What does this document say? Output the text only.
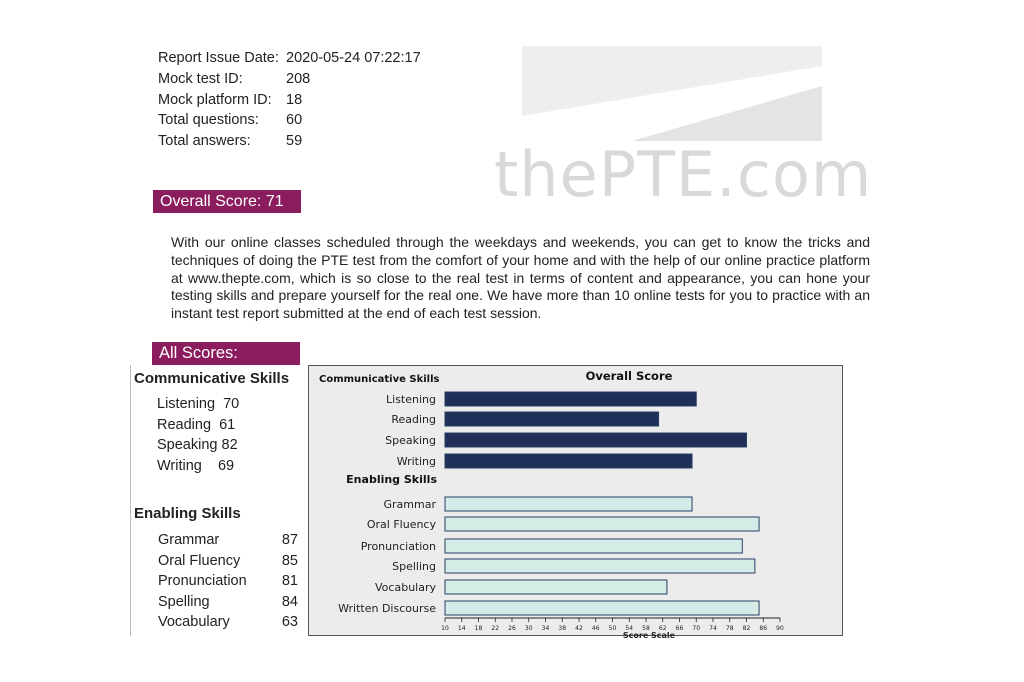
thePTE.com
Report Issue Date: 2020-05-24 07:22:17
Mock test ID:	208
Mock platform ID: 18
Total questions:	60
Total answers:	59
Overall Score: 71
With our online classes scheduled through the weekdays and weekends, you can get to know the tricks and techniques of doing the PTE test from the comfort of your home and with the help of our online practice platform at www.thepte.com, which is so close to the real test in terms of content and appearance, you can hone your testing skills and prepare yourself for the real one. We have more than 10 online tests for you to practice with an instant test report submitted at the end of each test session.
All Scores:
Communicative Skills
Listening 70
Reading 61
Speaking 82
Writing 69
Enabling Skills
Grammar	87
Oral Fluency	85
Pronunciation 81
Spelling	84
Vocabulary	63
Overall Score
Communicative Skills
Listening
Reading
Speaking
Writing
Enabling Skills
Grammar
Oral Fluency
Pronunciation
Spelling
Vocabulary
Written Discourse
10 14 18 22 26 30 34 38 42 46 50 54 58 62 66 70 74 78 82 86 90
Score Scale
